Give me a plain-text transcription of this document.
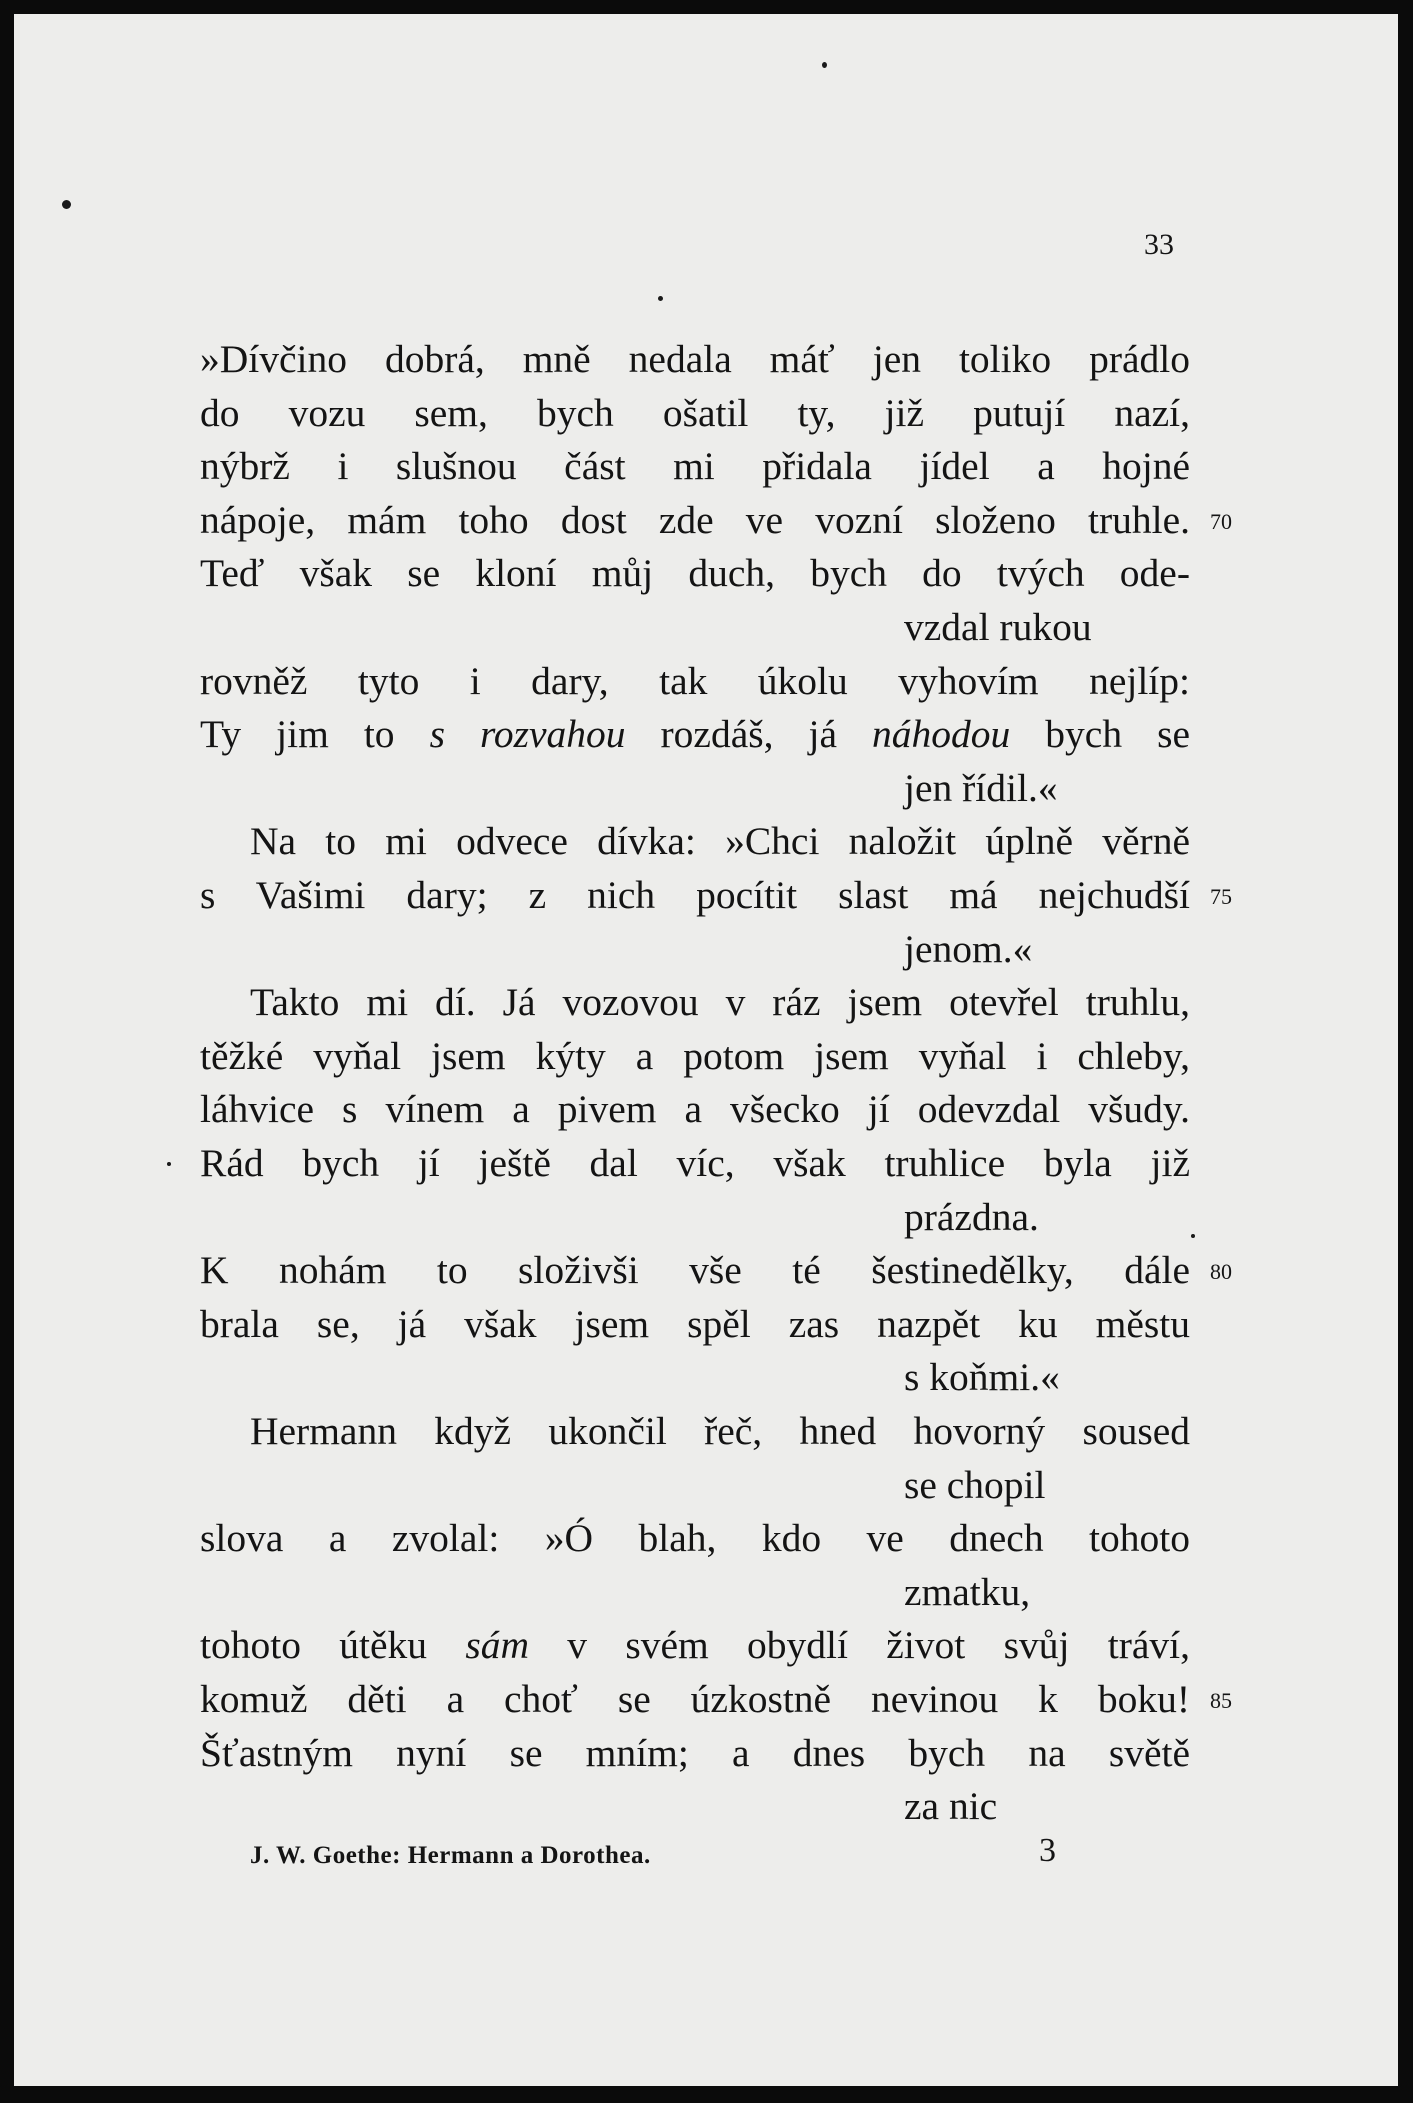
33
»Dívčino dobrá, mně nedala máť jen toliko prádlo
do vozu sem, bych ošatil ty, již putují nazí,
nýbrž i slušnou část mi přidala jídel a hojné
nápoje, mám toho dost zde ve vozní složeno truhle. 70
Teď však se kloní můj duch, bych do tvých ode-
vzdal rukou
rovněž tyto i dary, tak úkolu vyhovím nejlíp:
Ty jim to s rozvahou rozdáš, já náhodou bych se
jen řídil.«
Na to mi odvece dívka: »Chci naložit úplně věrně
s Vašimi dary; z nich pocítit slast má nejchudší 75
jenom.«
Takto mi dí. Já vozovou v ráz jsem otevřel truhlu,
těžké vyňal jsem kýty a potom jsem vyňal i chleby,
láhvice s vínem a pivem a všecko jí odevzdal všudy.
Rád bych jí ještě dal víc, však truhlice byla již
prázdna.
K nohám to složivši vše té šestinedělky, dále 80
brala se, já však jsem spěl zas nazpět ku městu
s koňmi.«
Hermann když ukončil řeč, hned hovorný soused
se chopil
slova a zvolal: »Ó blah, kdo ve dnech tohoto
zmatku,
tohoto útěku sám v svém obydlí život svůj tráví,
komuž děti a choť se úzkostně nevinou k boku! 85
Šťastným nyní se mním; a dnes bych na světě
za nic
J. W. Goethe: Hermann a Dorothea.	3
